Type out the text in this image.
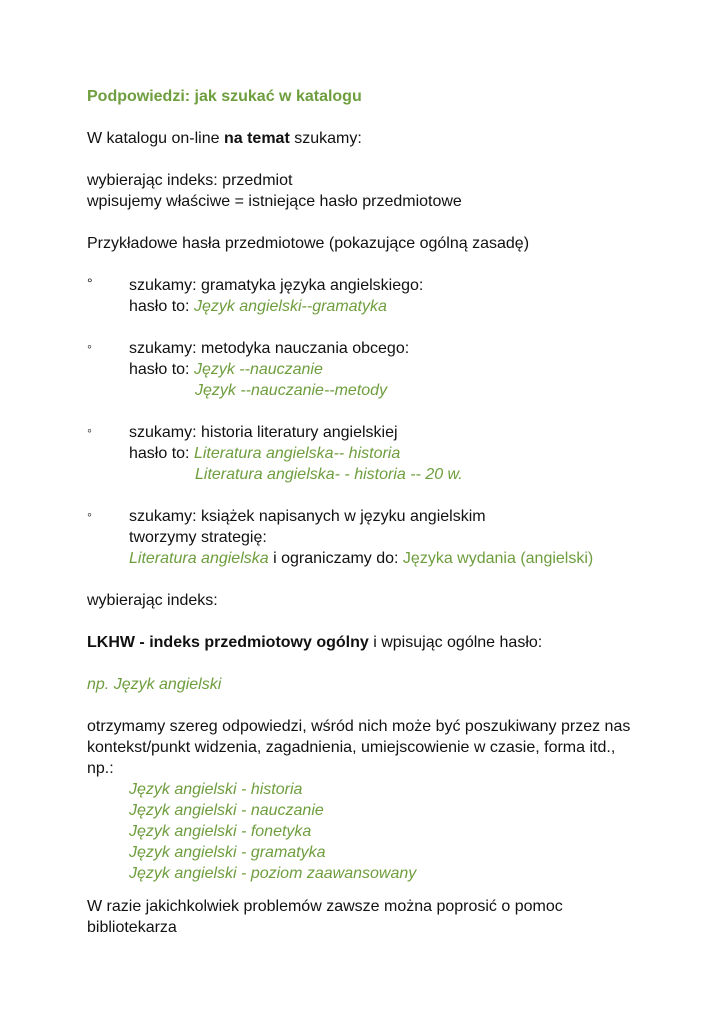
Podpowiedzi: jak szukać w katalogu
W katalogu on-line na temat szukamy:
wybierając indeks: przedmiot
wpisujemy właściwe = istniejące hasło przedmiotowe
Przykładowe hasła przedmiotowe (pokazujące ogólną zasadę)
°	szukamy: gramatyka języka angielskiego:
hasło to: Język angielski--gramatyka
◦	szukamy: metodyka nauczania obcego:
hasło to: Język --nauczanie
Język --nauczanie--metody
◦	szukamy: historia literatury angielskiej
hasło to: Literatura angielska-- historia
Literatura angielska- - historia -- 20 w.
◦	szukamy: książek napisanych w języku angielskim
tworzymy strategię:
Literatura angielska i ograniczamy do: Języka wydania (angielski)
wybierając indeks:
LKHW - indeks przedmiotowy ogólny i wpisując ogólne hasło:
np. Język angielski
otrzymamy szereg odpowiedzi, wśród nich może być poszukiwany przez nas kontekst/punkt widzenia, zagadnienia, umiejscowienie w czasie, forma itd., np.:
Język angielski - historia
Język angielski - nauczanie
Język angielski - fonetyka
Język angielski - gramatyka
Język angielski - poziom zaawansowany
W razie jakichkolwiek problemów zawsze można poprosić o pomoc bibliotekarza
